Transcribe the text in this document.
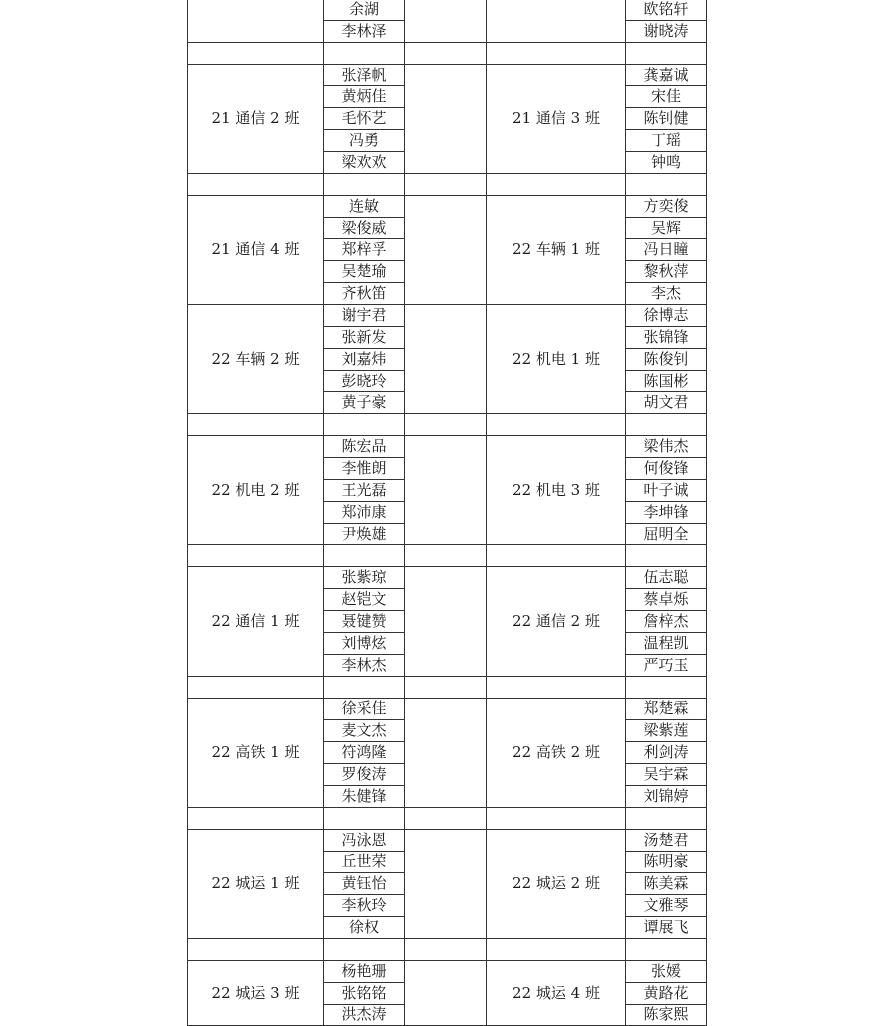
	余湖			欧铭轩
	李林泽			谢晓涛

21 通信 2 班	张泽帆		21 通信 3 班	龚嘉诚
	黄炳佳			宋佳
	毛怀艺			陈钊健
	冯勇			丁瑶
	梁欢欢			钟鸣

21 通信 4 班	连敏		22 车辆 1 班	方奕俊
	梁俊威			吴辉
	郑梓孚			冯日瞳
	吴楚瑜			黎秋萍
	齐秋笛			李杰
22 车辆 2 班	谢宇君		22 机电 1 班	徐博志
	张新发			张锦锋
	刘嘉炜			陈俊钊
	彭晓玲			陈国彬
	黄子豪			胡文君

22 机电 2 班	陈宏品		22 机电 3 班	梁伟杰
	李惟朗			何俊锋
	王光磊			叶子诚
	郑沛康			李坤锋
	尹焕雄			屈明全

22 通信 1 班	张紫琼		22 通信 2 班	伍志聪
	赵铠文			蔡卓烁
	聂键赞			詹梓杰
	刘博炫			温程凯
	李林杰			严巧玉

22 高铁 1 班	徐采佳		22 高铁 2 班	郑楚霖
	麦文杰			梁紫莲
	符鸿隆			利剑涛
	罗俊涛			吴宇霖
	朱健锋			刘锦婷

22 城运 1 班	冯泳恩		22 城运 2 班	汤楚君
	丘世荣			陈明豪
	黄钰怡			陈美霖
	李秋玲			文雅琴
	徐权			谭展飞

22 城运 3 班	杨艳珊		22 城运 4 班	张媛
	张铭铭			黄路花
	洪杰涛			陈家熙
